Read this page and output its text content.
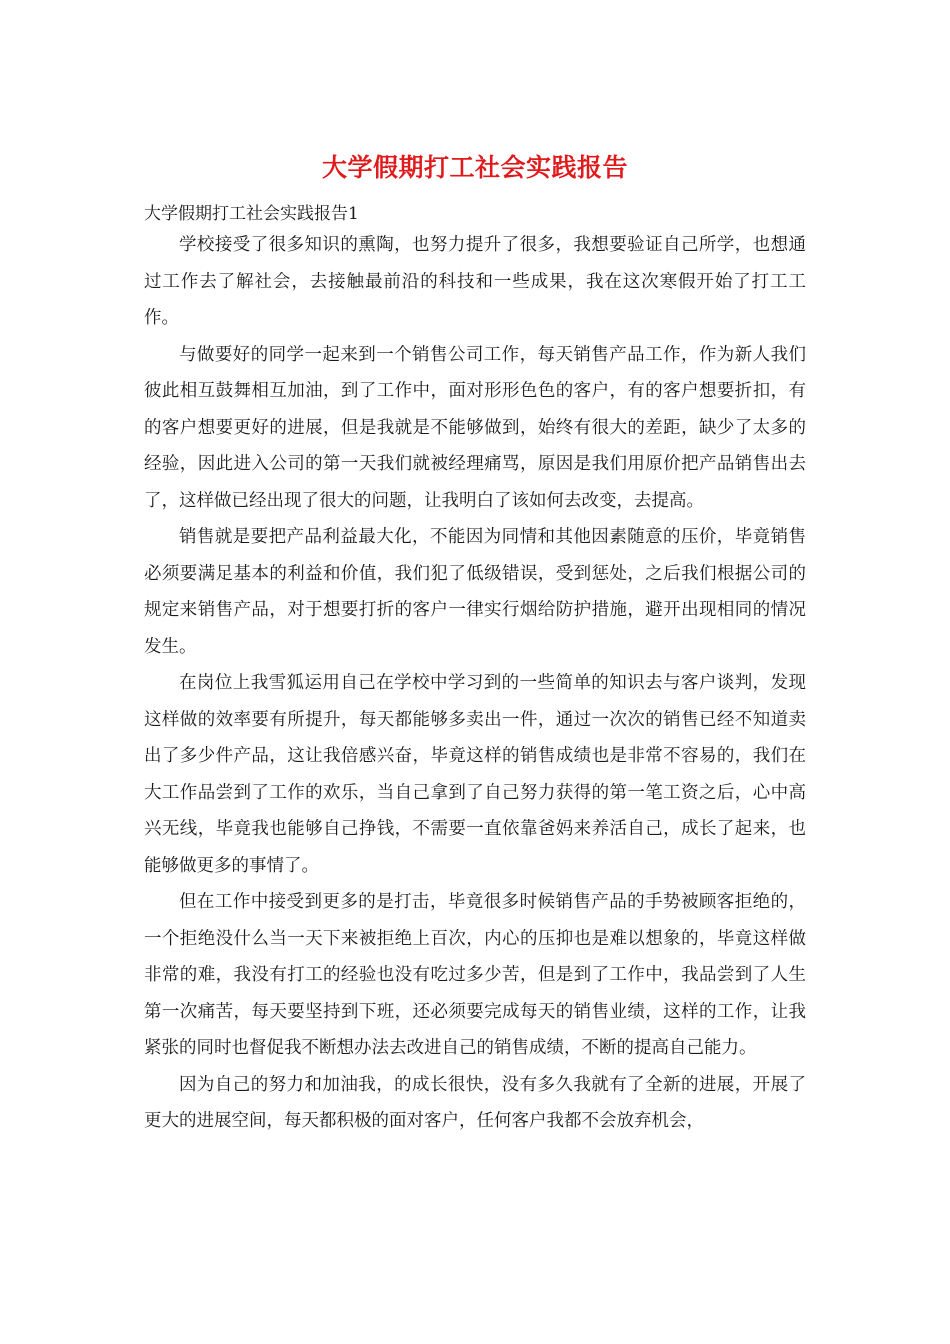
大学假期打工社会实践报告
大学假期打工社会实践报告1

学校接受了很多知识的熏陶，也努力提升了很多，我想要验证自己所学，也想通过工作去了解社会，去接触最前沿的科技和一些成果，我在这次寒假开始了打工工作。

与做要好的同学一起来到一个销售公司工作，每天销售产品工作，作为新人我们彼此相互鼓舞相互加油，到了工作中，面对形形色色的客户，有的客户想要折扣，有的客户想要更好的进展，但是我就是不能够做到，始终有很大的差距，缺少了太多的经验，因此进入公司的第一天我们就被经理痛骂，原因是我们用原价把产品销售出去了，这样做已经出现了很大的问题，让我明白了该如何去改变，去提高。

销售就是要把产品利益最大化，不能因为同情和其他因素随意的压价，毕竟销售必须要满足基本的利益和价值，我们犯了低级错误，受到惩处，之后我们根据公司的规定来销售产品，对于想要打折的客户一律实行烟给防护措施，避开出现相同的情况发生。

在岗位上我雪狐运用自己在学校中学习到的一些简单的知识去与客户谈判，发现这样做的效率要有所提升，每天都能够多卖出一件，通过一次次的销售已经不知道卖出了多少件产品，这让我倍感兴奋，毕竟这样的销售成绩也是非常不容易的，我们在大工作品尝到了工作的欢乐，当自己拿到了自己努力获得的第一笔工资之后，心中高兴无线，毕竟我也能够自己挣钱，不需要一直依靠爸妈来养活自己，成长了起来，也能够做更多的事情了。

但在工作中接受到更多的是打击，毕竟很多时候销售产品的手势被顾客拒绝的，一个拒绝没什么当一天下来被拒绝上百次，内心的压抑也是难以想象的，毕竟这样做非常的难，我没有打工的经验也没有吃过多少苦，但是到了工作中，我品尝到了人生第一次痛苦，每天要坚持到下班，还必须要完成每天的销售业绩，这样的工作，让我紧张的同时也督促我不断想办法去改进自己的销售成绩，不断的提高自己能力。

因为自己的努力和加油我，的成长很快，没有多久我就有了全新的进展，开展了更大的进展空间，每天都积极的面对客户，任何客户我都不会放弃机会，
